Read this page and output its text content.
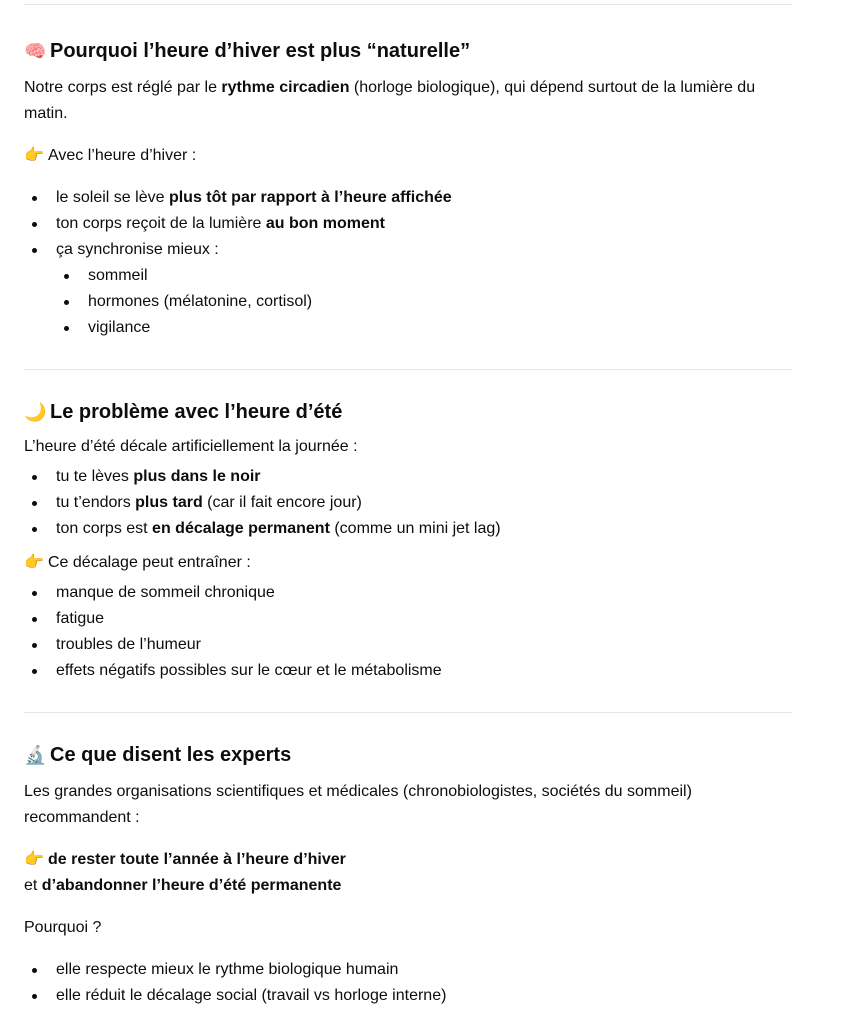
🧠 Pourquoi l’heure d’hiver est plus “naturelle”

Notre corps est réglé par le rythme circadien (horloge biologique), qui dépend surtout de la lumière du matin.

👉 Avec l’heure d’hiver :

le soleil se lève plus tôt par rapport à l’heure affichée
ton corps reçoit de la lumière au bon moment
ça synchronise mieux :
sommeil
hormones (mélatonine, cortisol)
vigilance
🌙 Le problème avec l’heure d’été

L’heure d’été décale artificiellement la journée :

tu te lèves plus dans le noir
tu t’endors plus tard (car il fait encore jour)
ton corps est en décalage permanent (comme un mini jet lag)

👉 Ce décalage peut entraîner :

manque de sommeil chronique
fatigue
troubles de l’humeur
effets négatifs possibles sur le cœur et le métabolisme
🔬 Ce que disent les experts

Les grandes organisations scientifiques et médicales (chronobiologistes, sociétés du sommeil) recommandent :

👉 de rester toute l’année à l’heure d’hiver
et d’abandonner l’heure d’été permanente

Pourquoi ?

elle respecte mieux le rythme biologique humain
elle réduit le décalage social (travail vs horloge interne)
